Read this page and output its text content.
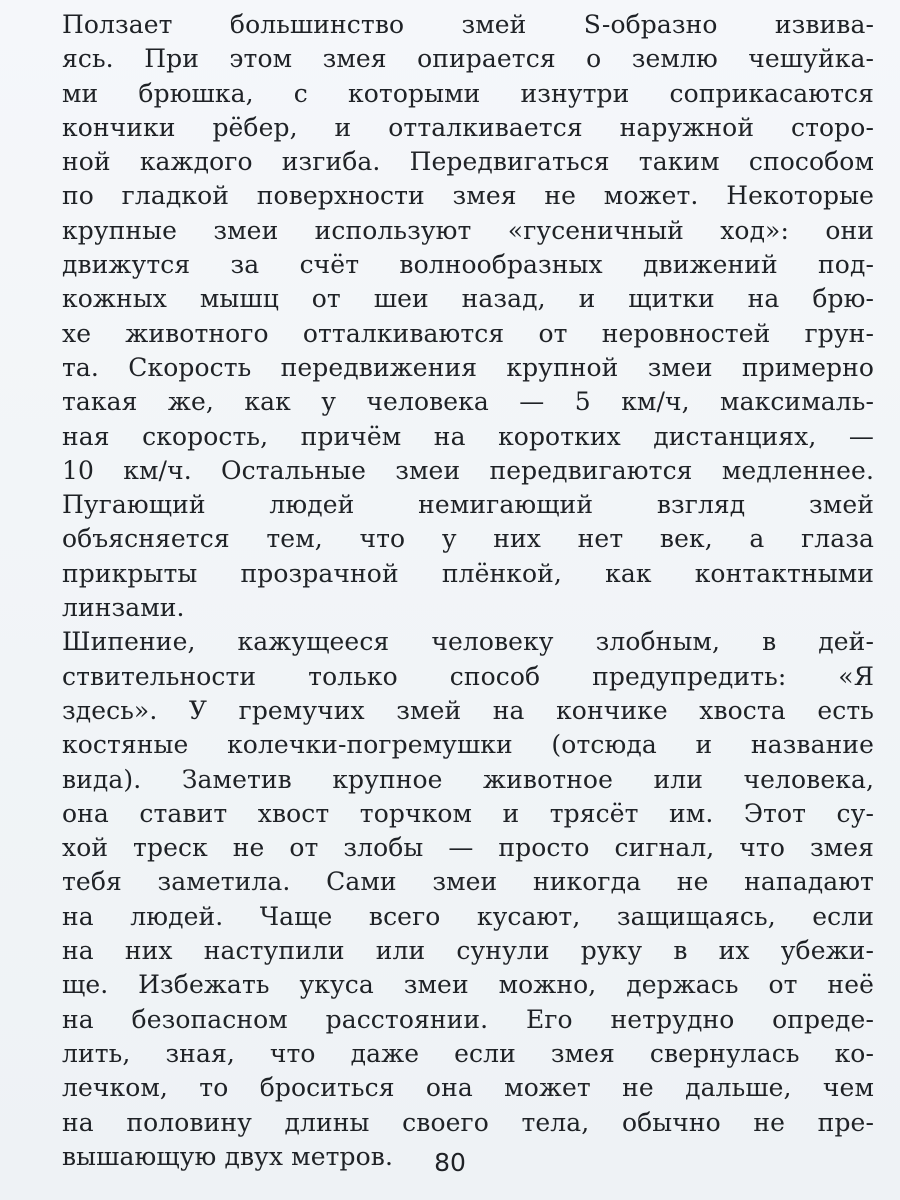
Ползает большинство змей S-образно извива-
ясь. При этом змея опирается о землю чешуйка-
ми брюшка, с которыми изнутри соприкасаются
кончики рёбер, и отталкивается наружной сторо-
ной каждого изгиба. Передвигаться таким способом
по гладкой поверхности змея не может. Некоторые
крупные змеи используют «гусеничный ход»: они
движутся за счёт волнообразных движений под-
кожных мышц от шеи назад, и щитки на брю-
хе животного отталкиваются от неровностей грун-
та. Скорость передвижения крупной змеи примерно
такая же, как у человека — 5 км/ч, максималь-
ная скорость, причём на коротких дистанциях, —
10 км/ч. Остальные змеи передвигаются медленнее.
Пугающий людей немигающий взгляд змей
объясняется тем, что у них нет век, а глаза
прикрыты прозрачной плёнкой, как контактными
линзами.
Шипение, кажущееся человеку злобным, в дей-
ствительности только способ предупредить: «Я
здесь». У гремучих змей на кончике хвоста есть
костяные колечки-погремушки (отсюда и название
вида). Заметив крупное животное или человека,
она ставит хвост торчком и трясёт им. Этот су-
хой треск не от злобы — просто сигнал, что змея
тебя заметила. Сами змеи никогда не нападают
на людей. Чаще всего кусают, защищаясь, если
на них наступили или сунули руку в их убежи-
ще. Избежать укуса змеи можно, держась от неё
на безопасном расстоянии. Его нетрудно опреде-
лить, зная, что даже если змея свернулась ко-
лечком, то броситься она может не дальше, чем
на половину длины своего тела, обычно не пре-
вышающую двух метров.	80
